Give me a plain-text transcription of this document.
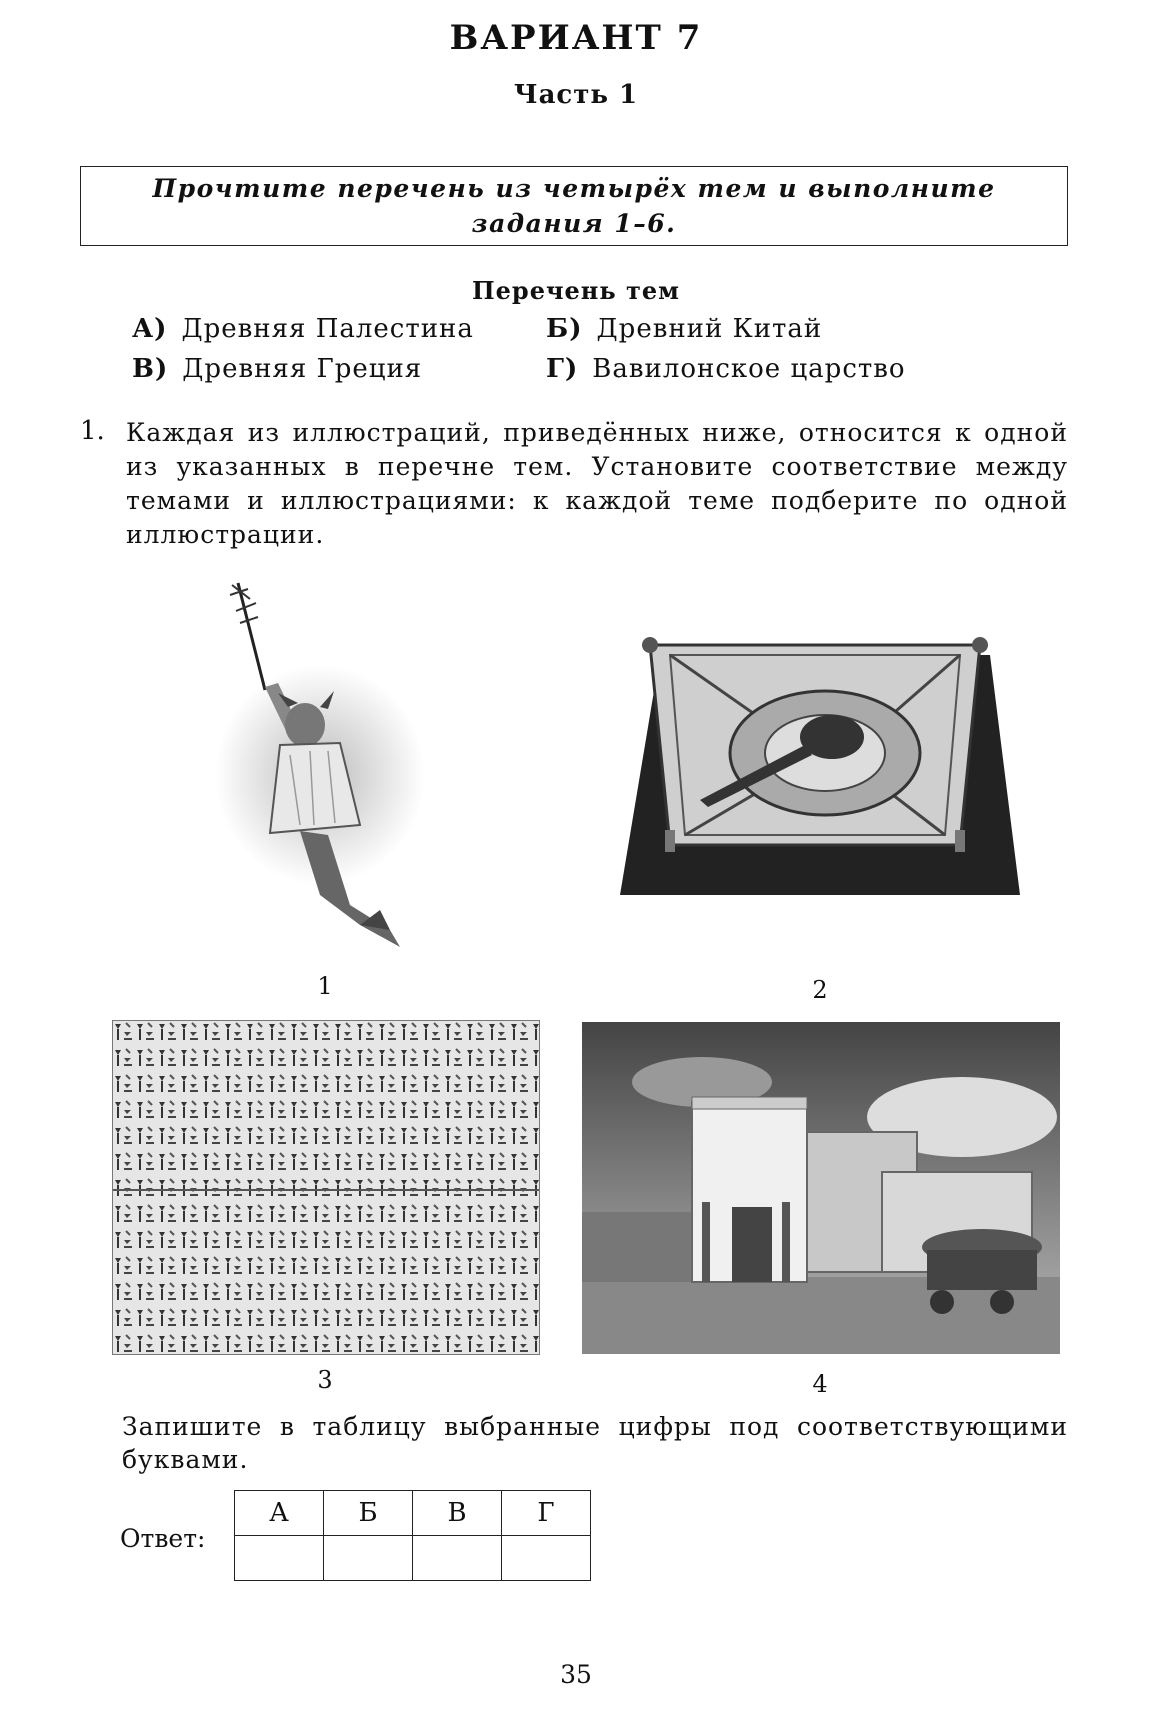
ВАРИАНТ 7
Часть 1
Прочтите перечень из четырёх тем и выполните задания 1–6.
Перечень тем
А) Древняя Палестина	Б) Древний Китай
В) Древняя Греция	Г) Вавилонское царство
1. Каждая из иллюстраций, приведённых ниже, относится к одной из указанных в перечне тем. Установите соответствие между темами и иллюстрациями: к каждой теме подберите по одной иллюстрации.
1	2
3	4
Запишите в таблицу выбранные цифры под соответствующими буквами.
Ответ:
А	Б	В	Г

35
